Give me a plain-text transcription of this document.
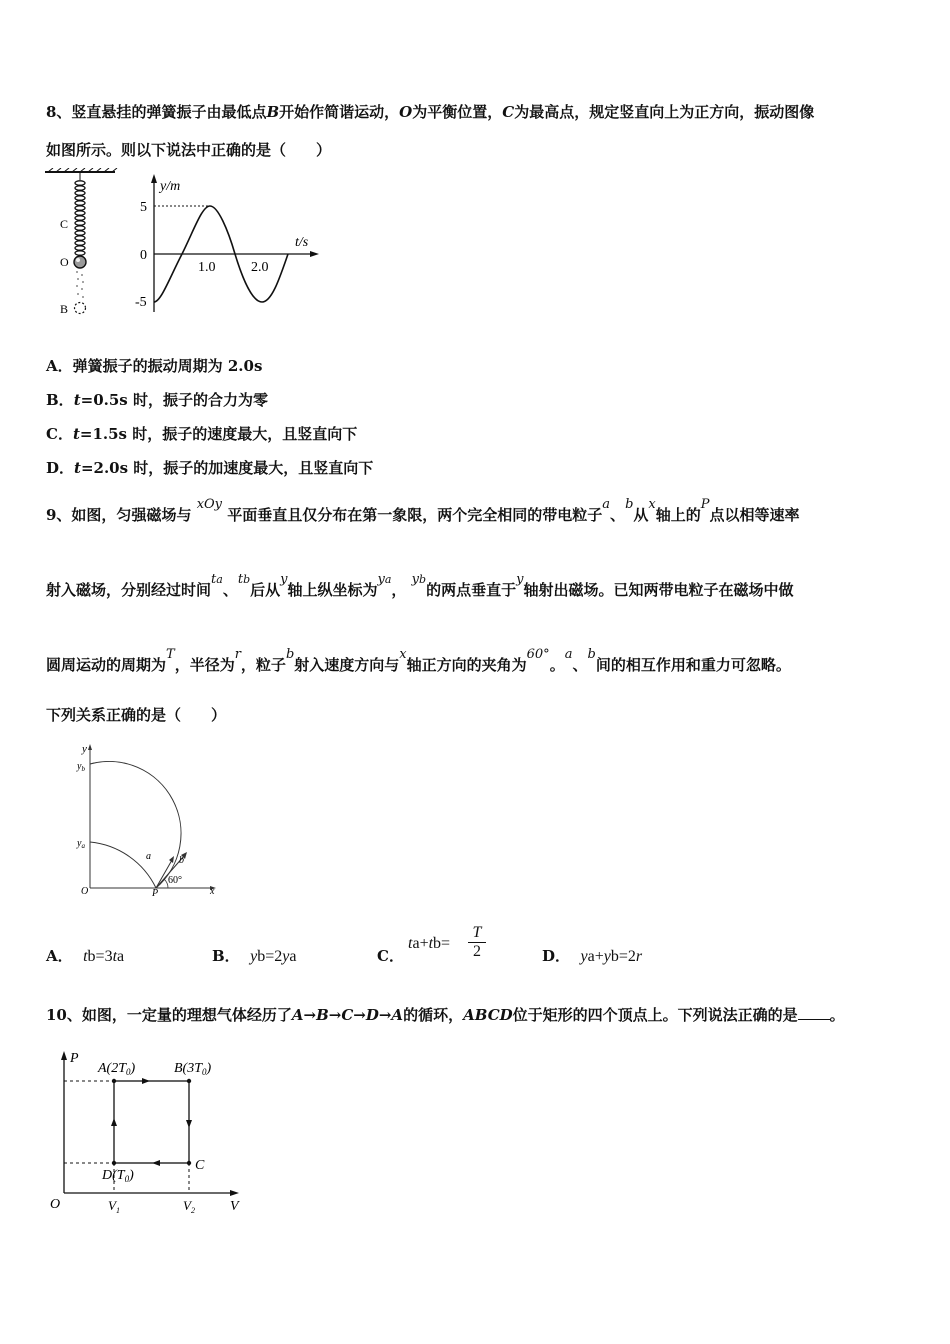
8、竖直悬挂的弹簧振子由最低点B开始作简谐运动，O为平衡位置，C为最高点，规定竖直向上为正方向，振动图像
如图所示。则以下说法中正确的是（　　）
C
O
B
y/m
t/s
5
0
-5
1.0	2.0
A．弹簧振子的振动周期为 2.0s
B．t=0.5s 时，振子的合力为零
C．t=1.5s 时，振子的速度最大，且竖直向下
D．t=2.0s 时，振子的加速度最大，且竖直向下
9、如图，匀强磁场与 xOy 平面垂直且仅分布在第一象限，两个完全相同的带电粒子a、b从x轴上的P点以相等速率
射入磁场，分别经过时间$t^a$、$t^b$后从y轴上纵坐标为$y^a$， $y^b$的两点垂直于y轴射出磁场。已知两带电粒子在磁场中做
圆周运动的周期为T，半径为r，粒子b射入速度方向与x轴正方向的夹角为60°。a、b间的相互作用和重力可忽略。
下列关系正确的是（　　）
y
$y_b$
$y_a$
a	b
60°
O	P	x
A． tb=3ta	B． yb=2ya	C．
$ta+tb= \frac{T}{2}$	D． ya+yb=2r
10、如图，一定量的理想气体经历了A→B→C→D→A的循环，ABCD位于矩形的四个顶点上。下列说法正确的是 。
P
V
O
$A(2T_0)$	$B(3T_0)$
C
$D(T_0)$
$V_1$	$V_2$
